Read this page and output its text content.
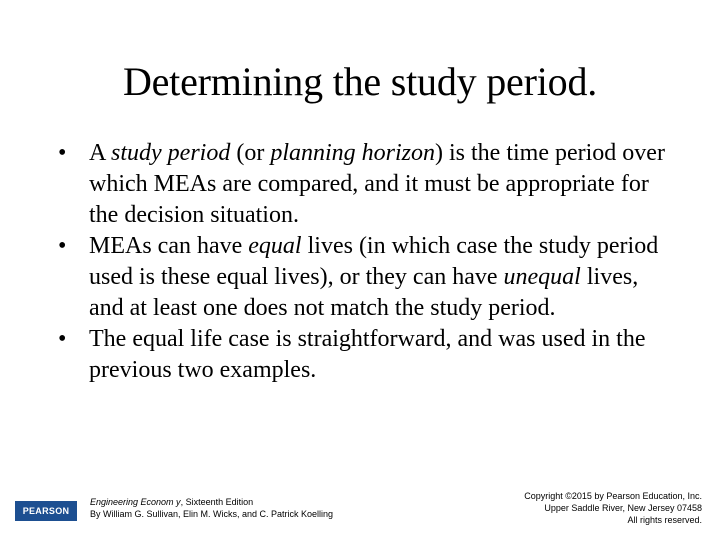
Determining the study period.
• A study period (or planning horizon) is the time period over which MEAs are compared, and it must be appropriate for the decision situation.
• MEAs can have equal lives (in which case the study period used is these equal lives), or they can have unequal lives, and at least one does not match the study period.
• The equal life case is straightforward, and was used in the previous two examples.
PEARSON
Engineering Econom y, Sixteenth Edition
By William G. Sullivan, Elin M. Wicks, and C. Patrick Koelling
Copyright ©2015 by Pearson Education, Inc.
Upper Saddle River, New Jersey 07458
All rights reserved.
